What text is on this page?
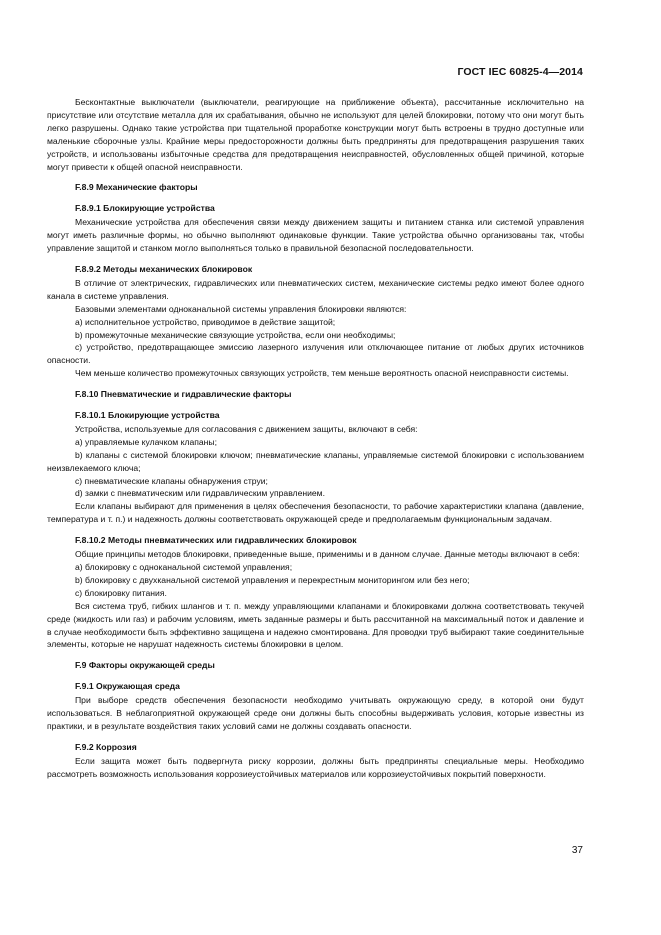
ГОСТ IEC 60825-4—2014

Бесконтактные выключатели (выключатели, реагирующие на приближение объекта), рассчитанные исключительно на присутствие или отсутствие металла для их срабатывания, обычно не используют для целей блокировки, потому что они могут быть легко разрушены. Однако такие устройства при тщательной проработке конструкции могут быть встроены в трудно доступные или маленькие сборочные узлы. Крайние меры предосторожности должны быть предприняты для предотвращения разрушения таких устройств, и использованы избыточные средства для предотвращения неисправностей, обусловленных общей причиной, которые могут привести к общей опасной неисправности.

F.8.9 Механические факторы
F.8.9.1 Блокирующие устройства

Механические устройства для обеспечения связи между движением защиты и питанием станка или системой управления могут иметь различные формы, но обычно выполняют одинаковые функции. Такие устройства обычно организованы так, чтобы управление защитой и станком могло выполняться только в правильной безопасной последовательности.

F.8.9.2 Методы механических блокировок

В отличие от электрических, гидравлических или пневматических систем, механические системы редко имеют более одного канала в системе управления.

Базовыми элементами одноканальной системы управления блокировки являются:

а) исполнительное устройство, приводимое в действие защитой;

b) промежуточные механические связующие устройства, если они необходимы;

c) устройство, предотвращающее эмиссию лазерного излучения или отключающее питание от любых других источников опасности.

Чем меньше количество промежуточных связующих устройств, тем меньше вероятность опасной неисправности системы.

F.8.10 Пневматические и гидравлические факторы
F.8.10.1 Блокирующие устройства

Устройства, используемые для согласования с движением защиты, включают в себя:

а) управляемые кулачком клапаны;

b) клапаны с системой блокировки ключом; пневматические клапаны, управляемые системой блокировки с использованием неизвлекаемого ключа;

c) пневматические клапаны обнаружения струи;

d) замки с пневматическим или гидравлическим управлением.

Если клапаны выбирают для применения в целях обеспечения безопасности, то рабочие характеристики клапана (давление, температура и т. п.) и надежность должны соответствовать окружающей среде и предполагаемым функциональным задачам.

F.8.10.2 Методы пневматических или гидравлических блокировок

Общие принципы методов блокировки, приведенные выше, применимы и в данном случае. Данные методы включают в себя:

а) блокировку с одноканальной системой управления;

b) блокировку с двухканальной системой управления и перекрестным мониторингом или без него;

c) блокировку питания.

Вся система труб, гибких шлангов и т. п. между управляющими клапанами и блокировками должна соответствовать текучей среде (жидкость или газ) и рабочим условиям, иметь заданные размеры и быть рассчитанной на максимальный поток и давление и в случае необходимости быть эффективно защищена и надежно смонтирована. Для проводки труб выбирают такие соединительные элементы, которые не нарушат надежность системы блокировки в целом.

F.9 Факторы окружающей среды
F.9.1 Окружающая среда

При выборе средств обеспечения безопасности необходимо учитывать окружающую среду, в которой они будут использоваться. В неблагоприятной окружающей среде они должны быть способны выдерживать условия, которые известны из практики, и в результате воздействия таких условий сами не должны создавать опасности.

F.9.2 Коррозия

Если защита может быть подвергнута риску коррозии, должны быть предприняты специальные меры. Необходимо рассмотреть возможность использования коррозиеустойчивых материалов или коррозиеустойчивых покрытий поверхности.

37
